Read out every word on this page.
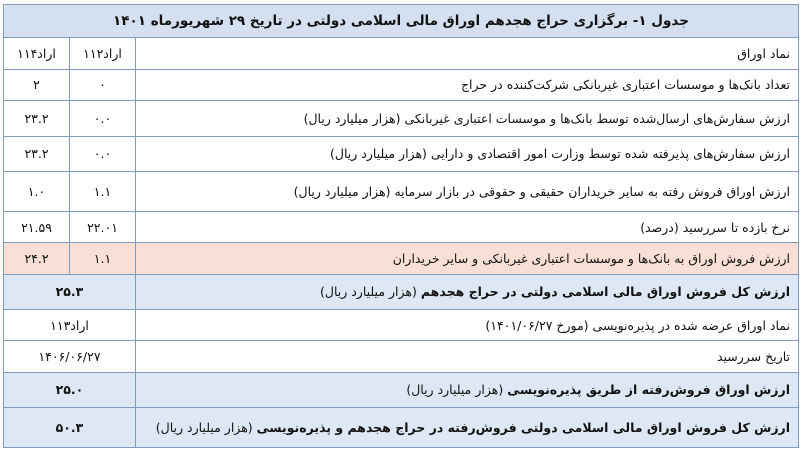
جدول ۱- برگزاری حراج هجدهم اوراق مالی اسلامی دولتی در تاریخ ۲۹ شهریورماه ۱۴۰۱		
نماد اوراق	اراد۱۱۲	اراد۱۱۴
تعداد بانک‌ها و موسسات اعتباری غیربانکی شرکت‌کننده در حراج	۰	۲
ارزش سفارش‌های ارسال‌شده توسط بانک‌ها و موسسات اعتباری غیربانکی (هزار میلیارد ریال)	۰.۰	۲۳.۲
ارزش سفارش‌های پذیرفته شده توسط وزارت امور اقتصادی و دارایی (هزار میلیارد ریال)	۰.۰	۲۳.۲
ارزش اوراق فروش رفته به سایر خریداران حقیقی و حقوقی در بازار سرمایه (هزار میلیارد ریال)	۱.۱	۱.۰
نرخ بازده تا سررسید (درصد)	۲۲.۰۱	۲۱.۵۹
ارزش فروش اوراق به بانک‌ها و موسسات اعتباری غیربانکی و سایر خریداران	۱.۱	۲۴.۲
ارزش کل فروش اوراق مالی اسلامی دولتی در حراج هجدهم (هزار میلیارد ریال)	۲۵.۳	
نماد اوراق عرضه شده در پذیره‌نویسی (مورخ ۱۴۰۱/۰۶/۲۷)	اراد۱۱۳	
تاریخ سررسید	۱۴۰۶/۰۶/۲۷	
ارزش اوراق فروش‌رفته از طریق پذیره‌نویسی (هزار میلیارد ریال)	۲۵.۰	
ارزش کل فروش اوراق مالی اسلامی دولتی فروش‌رفته در حراج هجدهم و پذیره‌نویسی (هزار میلیارد ریال)	۵۰.۳	
